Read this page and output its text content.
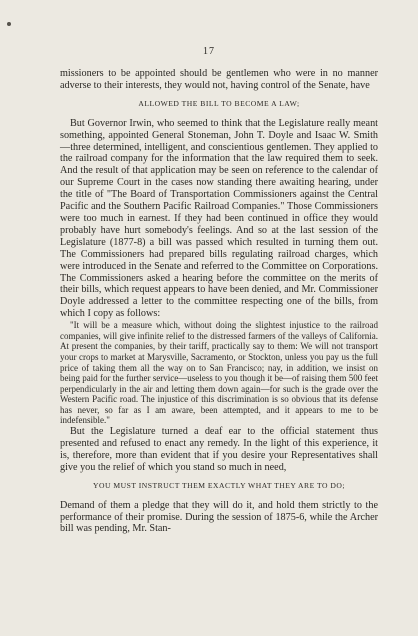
17

missioners to be appointed should be gentlemen who were in no manner adverse to their interests, they would not, having control of the Senate, have

ALLOWED THE BILL TO BECOME A LAW;

But Governor Irwin, who seemed to think that the Legislature really meant something, appointed General Stoneman, John T. Doyle and Isaac W. Smith—three determined, intelligent, and conscientious gentlemen. They applied to the railroad company for the information that the law required them to seek. And the result of that application may be seen on reference to the calendar of our Supreme Court in the cases now standing there awaiting hearing, under the title of "The Board of Transportation Commissioners against the Central Pacific and the Southern Pacific Railroad Companies." Those Commissioners were too much in earnest. If they had been continued in office they would probably have hurt somebody's feelings. And so at the last session of the Legislature (1877-8) a bill was passed which resulted in turning them out. The Commissioners had prepared bills regulating railroad charges, which were introduced in the Senate and referred to the Committee on Corporations. The Commissioners asked a hearing before the committee on the merits of their bills, which request appears to have been denied, and Mr. Commissioner Doyle addressed a letter to the committee respecting one of the bills, from which I copy as follows:

"It will be a measure which, without doing the slightest injustice to the railroad companies, will give infinite relief to the distressed farmers of the valleys of California. At present the companies, by their tariff, practically say to them: We will not transport your crops to market at Marysville, Sacramento, or Stockton, unless you pay us the full price of taking them all the way on to San Francisco; nay, in addition, we insist on being paid for the further service—useless to you though it be—of raising them 500 feet perpendicularly in the air and letting them down again—for such is the grade over the Western Pacific road. The injustice of this discrimination is so obvious that its defense has never, so far as I am aware, been attempted, and it appears to me to be indefensible."

But the Legislature turned a deaf ear to the official statement thus presented and refused to enact any remedy. In the light of this experience, it is, therefore, more than evident that if you desire your Representatives shall give you the relief of which you stand so much in need,

YOU MUST INSTRUCT THEM EXACTLY WHAT THEY ARE TO DO;

Demand of them a pledge that they will do it, and hold them strictly to the performance of their promise. During the session of 1875-6, while the Archer bill was pending, Mr. Stan-
